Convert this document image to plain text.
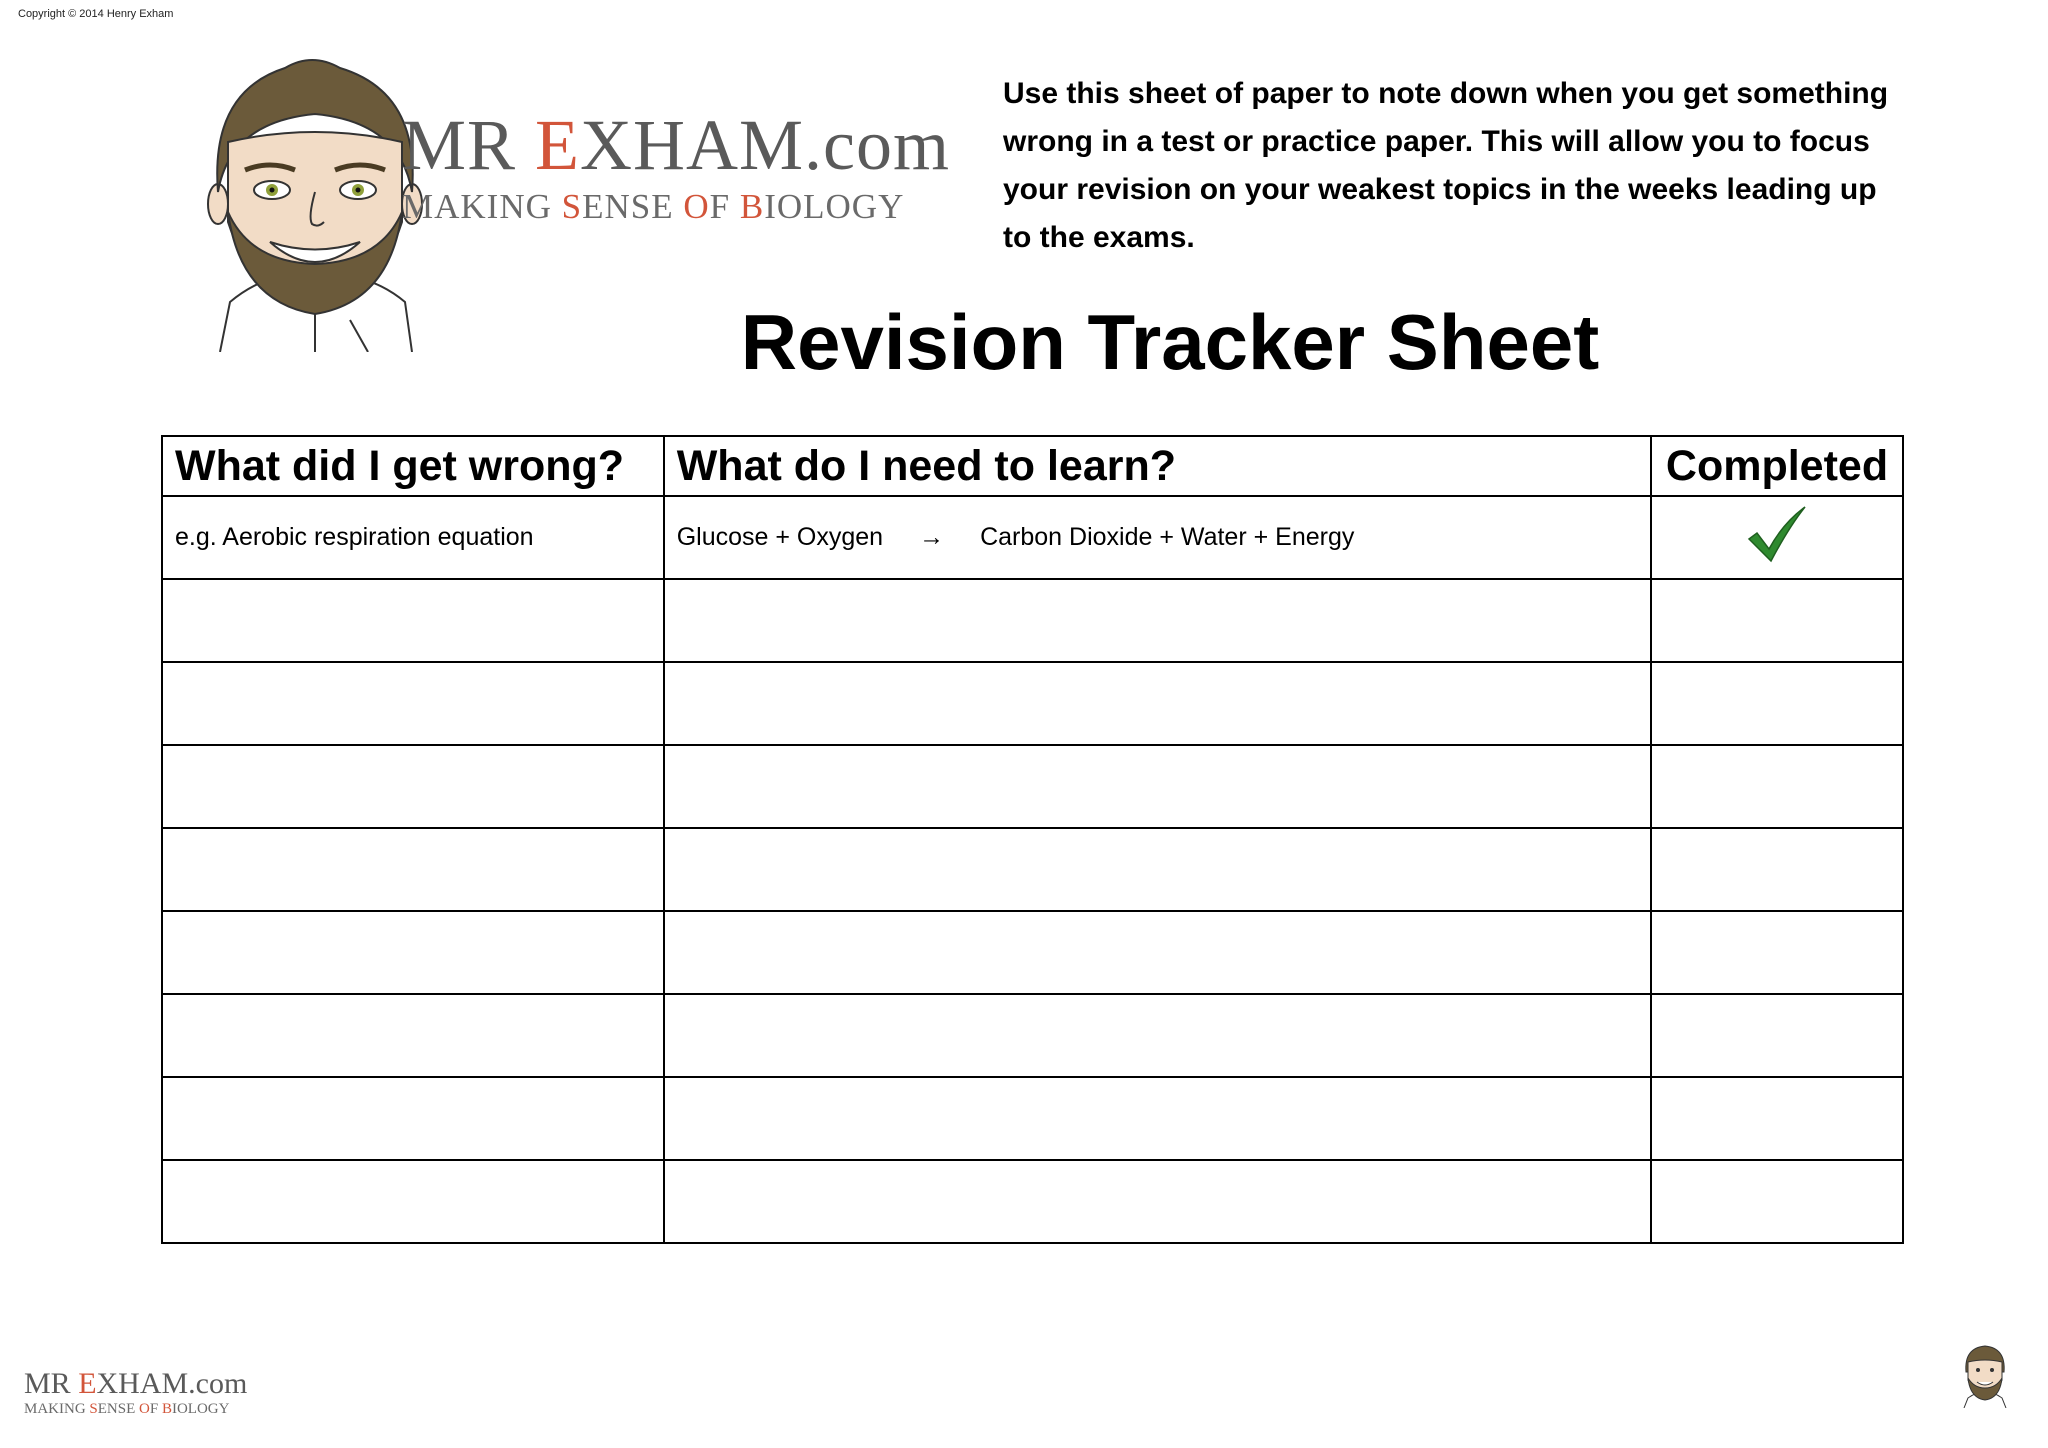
Copyright © 2014 Henry Exham
MR EXHAM.com
MAKING SENSE OF BIOLOGY
Use this sheet of paper to note down when you get something wrong in a test or practice paper. This will allow you to focus your revision on your weakest topics in the weeks leading up to the exams.
Revision Tracker Sheet
What did I get wrong?	What do I need to learn?	Completed
e.g. Aerobic respiration equation	Glucose + Oxygen → Carbon Dioxide + Water + Energy	

MR EXHAM.com
MAKING SENSE OF BIOLOGY
